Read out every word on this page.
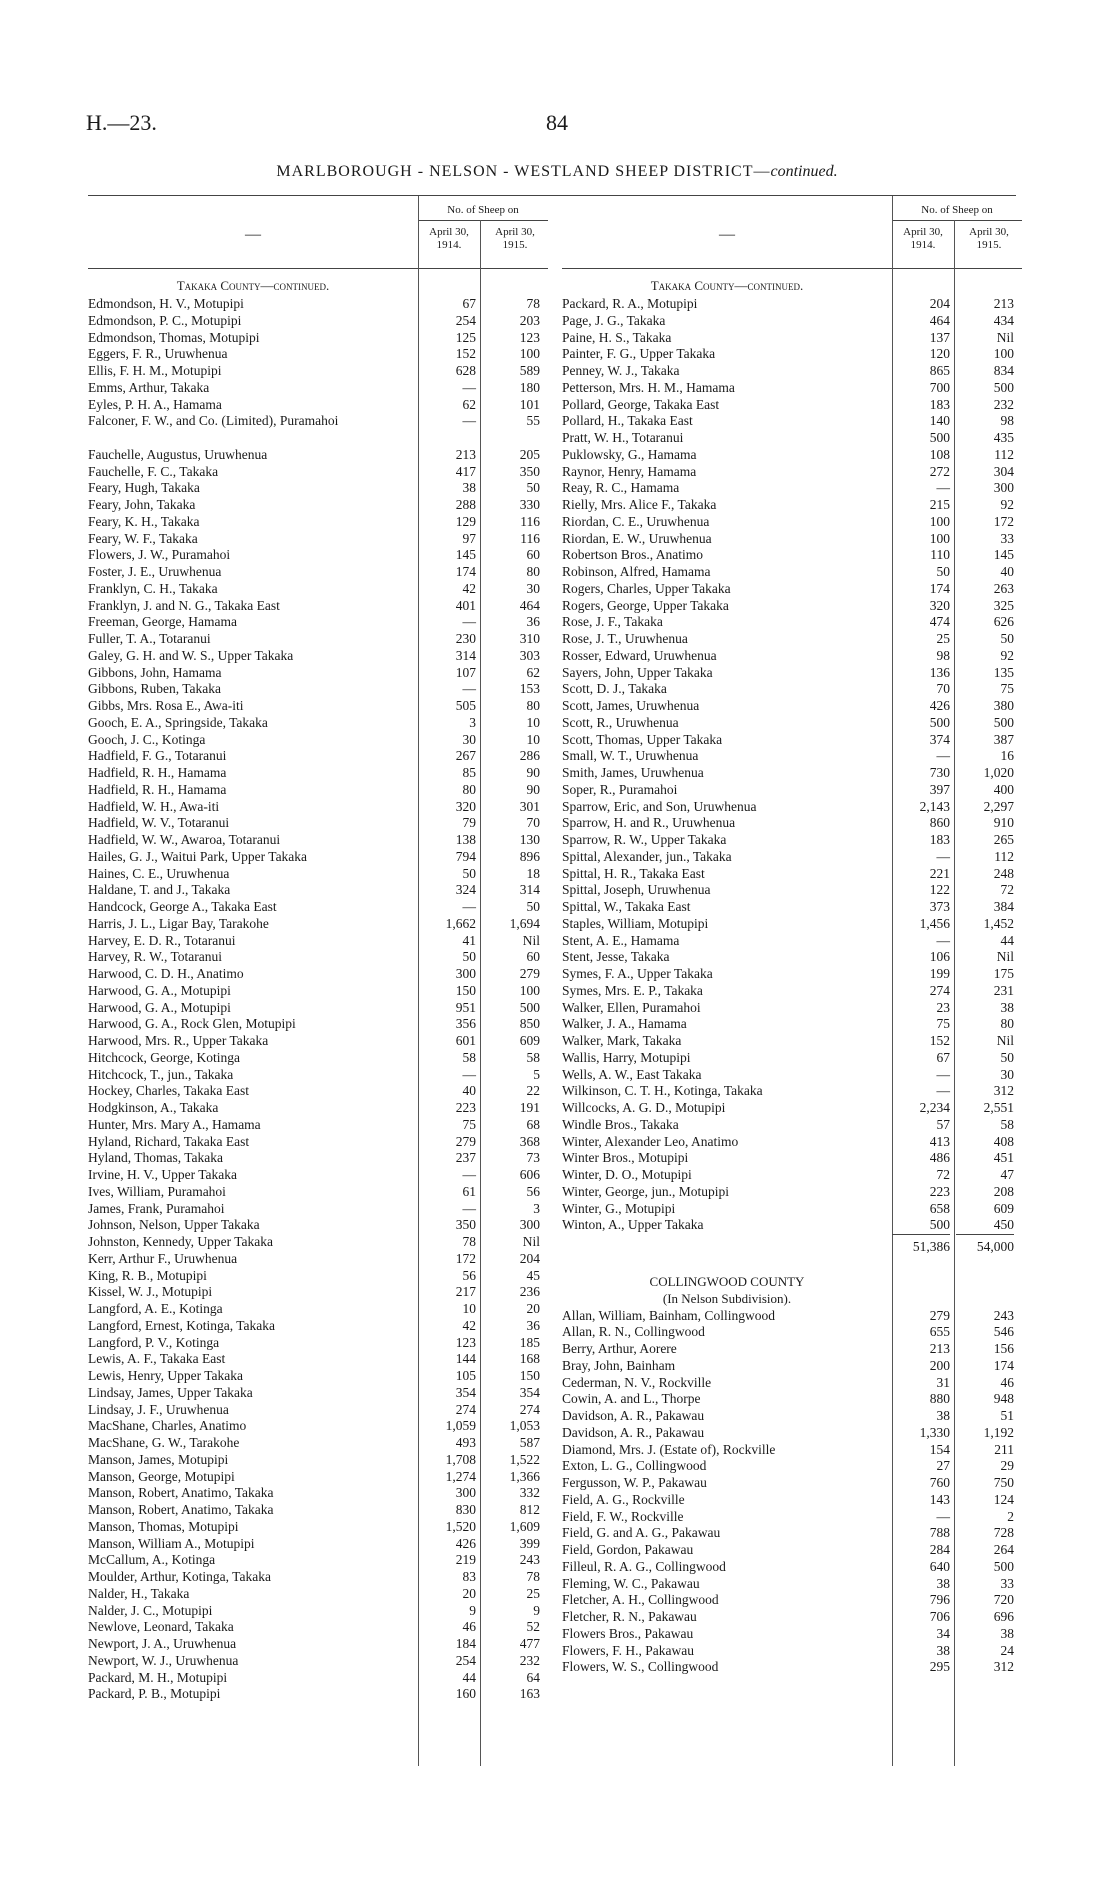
H.—23.	84
MARLBOROUGH - NELSON - WESTLAND SHEEP DISTRICT—continued.
—
No. of Sheep on
April 30,
1914.
April 30,
1915.
Takaka County—continued.
Edmondson, H. V., Motupipi	67	78
Edmondson, P. C., Motupipi	254	203
Edmondson, Thomas, Motupipi	125	123
Eggers, F. R., Uruwhenua	152	100
Ellis, F. H. M., Motupipi	628	589
Emms, Arthur, Takaka	—	180
Eyles, P. H. A., Hamama	62	101
Falconer, F. W., and Co. (Limited), Puramahoi	—	55
Fauchelle, Augustus, Uruwhenua	213	205
Fauchelle, F. C., Takaka	417	350
Feary, Hugh, Takaka	38	50
Feary, John, Takaka	288	330
Feary, K. H., Takaka	129	116
Feary, W. F., Takaka	97	116
Flowers, J. W., Puramahoi	145	60
Foster, J. E., Uruwhenua	174	80
Franklyn, C. H., Takaka	42	30
Franklyn, J. and N. G., Takaka East	401	464
Freeman, George, Hamama	—	36
Fuller, T. A., Totaranui	230	310
Galey, G. H. and W. S., Upper Takaka	314	303
Gibbons, John, Hamama	107	62
Gibbons, Ruben, Takaka	—	153
Gibbs, Mrs. Rosa E., Awa-iti	505	80
Gooch, E. A., Springside, Takaka	3	10
Gooch, J. C., Kotinga	30	10
Hadfield, F. G., Totaranui	267	286
Hadfield, R. H., Hamama	85	90
Hadfield, R. H., Hamama	80	90
Hadfield, W. H., Awa-iti	320	301
Hadfield, W. V., Totaranui	79	70
Hadfield, W. W., Awaroa, Totaranui	138	130
Hailes, G. J., Waitui Park, Upper Takaka	794	896
Haines, C. E., Uruwhenua	50	18
Haldane, T. and J., Takaka	324	314
Handcock, George A., Takaka East	—	50
Harris, J. L., Ligar Bay, Tarakohe	1,662	1,694
Harvey, E. D. R., Totaranui	41	Nil
Harvey, R. W., Totaranui	50	60
Harwood, C. D. H., Anatimo	300	279
Harwood, G. A., Motupipi	150	100
Harwood, G. A., Motupipi	951	500
Harwood, G. A., Rock Glen, Motupipi	356	850
Harwood, Mrs. R., Upper Takaka	601	609
Hitchcock, George, Kotinga	58	58
Hitchcock, T., jun., Takaka	—	5
Hockey, Charles, Takaka East	40	22
Hodgkinson, A., Takaka	223	191
Hunter, Mrs. Mary A., Hamama	75	68
Hyland, Richard, Takaka East	279	368
Hyland, Thomas, Takaka	237	73
Irvine, H. V., Upper Takaka	—	606
Ives, William, Puramahoi	61	56
James, Frank, Puramahoi	—	3
Johnson, Nelson, Upper Takaka	350	300
Johnston, Kennedy, Upper Takaka	78	Nil
Kerr, Arthur F., Uruwhenua	172	204
King, R. B., Motupipi	56	45
Kissel, W. J., Motupipi	217	236
Langford, A. E., Kotinga	10	20
Langford, Ernest, Kotinga, Takaka	42	36
Langford, P. V., Kotinga	123	185
Lewis, A. F., Takaka East	144	168
Lewis, Henry, Upper Takaka	105	150
Lindsay, James, Upper Takaka	354	354
Lindsay, J. F., Uruwhenua	274	274
MacShane, Charles, Anatimo	1,059	1,053
MacShane, G. W., Tarakohe	493	587
Manson, James, Motupipi	1,708	1,522
Manson, George, Motupipi	1,274	1,366
Manson, Robert, Anatimo, Takaka	300	332
Manson, Robert, Anatimo, Takaka	830	812
Manson, Thomas, Motupipi	1,520	1,609
Manson, William A., Motupipi	426	399
McCallum, A., Kotinga	219	243
Moulder, Arthur, Kotinga, Takaka	83	78
Nalder, H., Takaka	20	25
Nalder, J. C., Motupipi	9	9
Newlove, Leonard, Takaka	46	52
Newport, J. A., Uruwhenua	184	477
Newport, W. J., Uruwhenua	254	232
Packard, M. H., Motupipi	44	64
Packard, P. B., Motupipi	160	163
—
No. of Sheep on
April 30,
1914.
April 30,
1915.
Takaka County—continued.
Packard, R. A., Motupipi	204	213
Page, J. G., Takaka	464	434
Paine, H. S., Takaka	137	Nil
Painter, F. G., Upper Takaka	120	100
Penney, W. J., Takaka	865	834
Petterson, Mrs. H. M., Hamama	700	500
Pollard, George, Takaka East	183	232
Pollard, H., Takaka East	140	98
Pratt, W. H., Totaranui	500	435
Puklowsky, G., Hamama	108	112
Raynor, Henry, Hamama	272	304
Reay, R. C., Hamama	—	300
Rielly, Mrs. Alice F., Takaka	215	92
Riordan, C. E., Uruwhenua	100	172
Riordan, E. W., Uruwhenua	100	33
Robertson Bros., Anatimo	110	145
Robinson, Alfred, Hamama	50	40
Rogers, Charles, Upper Takaka	174	263
Rogers, George, Upper Takaka	320	325
Rose, J. F., Takaka	474	626
Rose, J. T., Uruwhenua	25	50
Rosser, Edward, Uruwhenua	98	92
Sayers, John, Upper Takaka	136	135
Scott, D. J., Takaka	70	75
Scott, James, Uruwhenua	426	380
Scott, R., Uruwhenua	500	500
Scott, Thomas, Upper Takaka	374	387
Small, W. T., Uruwhenua	—	16
Smith, James, Uruwhenua	730	1,020
Soper, R., Puramahoi	397	400
Sparrow, Eric, and Son, Uruwhenua	2,143	2,297
Sparrow, H. and R., Uruwhenua	860	910
Sparrow, R. W., Upper Takaka	183	265
Spittal, Alexander, jun., Takaka	—	112
Spittal, H. R., Takaka East	221	248
Spittal, Joseph, Uruwhenua	122	72
Spittal, W., Takaka East	373	384
Staples, William, Motupipi	1,456	1,452
Stent, A. E., Hamama	—	44
Stent, Jesse, Takaka	106	Nil
Symes, F. A., Upper Takaka	199	175
Symes, Mrs. E. P., Takaka	274	231
Walker, Ellen, Puramahoi	23	38
Walker, J. A., Hamama	75	80
Walker, Mark, Takaka	152	Nil
Wallis, Harry, Motupipi	67	50
Wells, A. W., East Takaka	—	30
Wilkinson, C. T. H., Kotinga, Takaka	—	312
Willcocks, A. G. D., Motupipi	2,234	2,551
Windle Bros., Takaka	57	58
Winter, Alexander Leo, Anatimo	413	408
Winter Bros., Motupipi	486	451
Winter, D. O., Motupipi	72	47
Winter, George, jun., Motupipi	223	208
Winter, G., Motupipi	658	609
Winton, A., Upper Takaka	500	450
51,386	54,000
COLLINGWOOD COUNTY
(In Nelson Subdivision).
Allan, William, Bainham, Collingwood	279	243
Allan, R. N., Collingwood	655	546
Berry, Arthur, Aorere	213	156
Bray, John, Bainham	200	174
Cederman, N. V., Rockville	31	46
Cowin, A. and L., Thorpe	880	948
Davidson, A. R., Pakawau	38	51
Davidson, A. R., Pakawau	1,330	1,192
Diamond, Mrs. J. (Estate of), Rockville	154	211
Exton, L. G., Collingwood	27	29
Fergusson, W. P., Pakawau	760	750
Field, A. G., Rockville	143	124
Field, F. W., Rockville	—	2
Field, G. and A. G., Pakawau	788	728
Field, Gordon, Pakawau	284	264
Filleul, R. A. G., Collingwood	640	500
Fleming, W. C., Pakawau	38	33
Fletcher, A. H., Collingwood	796	720
Fletcher, R. N., Pakawau	706	696
Flowers Bros., Pakawau	34	38
Flowers, F. H., Pakawau	38	24
Flowers, W. S., Collingwood	295	312
